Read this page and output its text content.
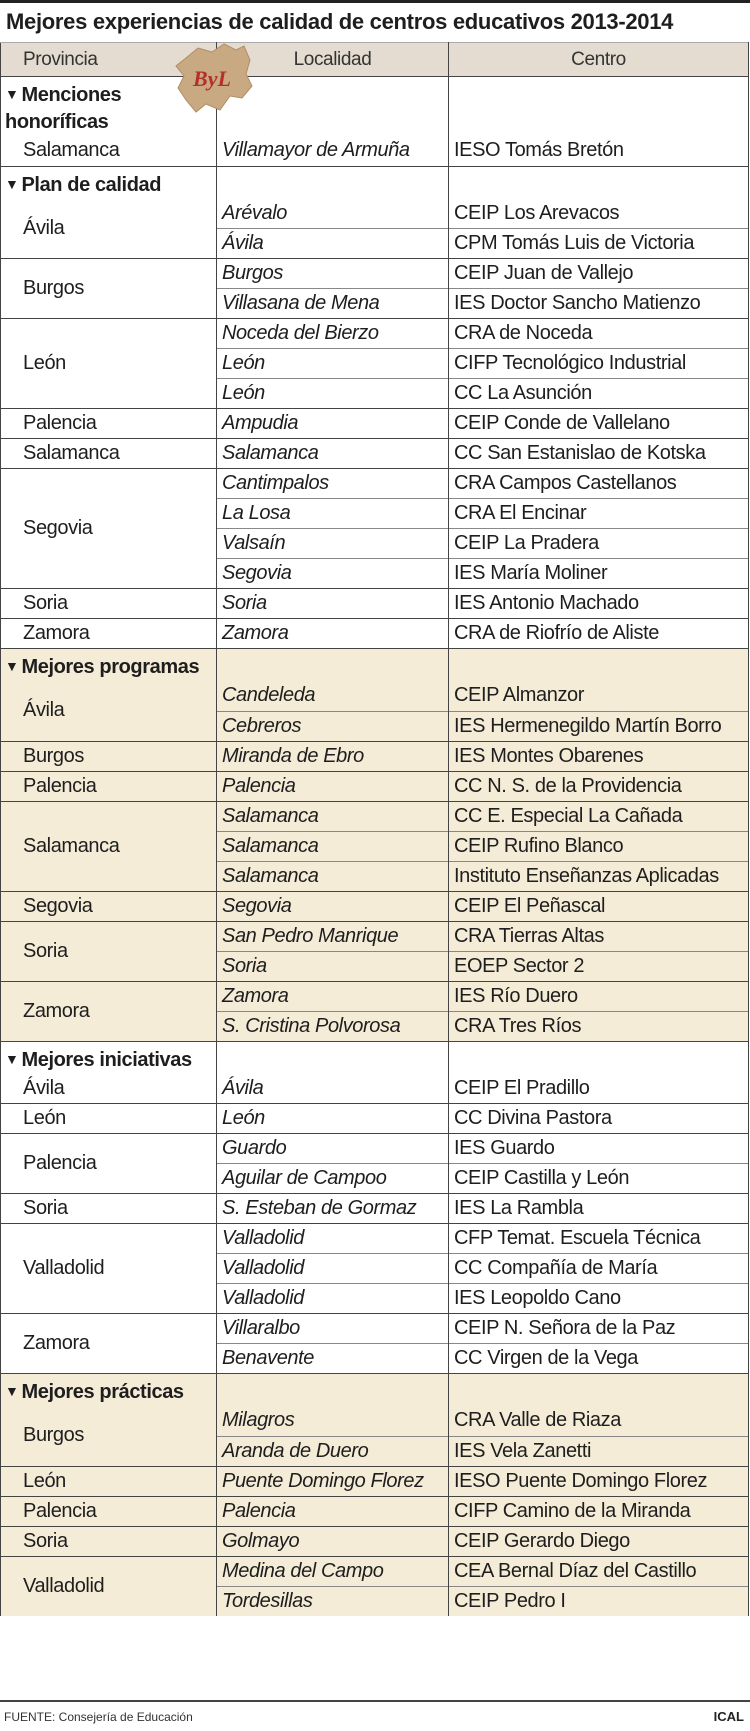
Mejores experiencias de calidad de centros educativos 2013-2014
Provincia	Localidad	Centro
▼ Menciones
honoríficas		
Salamanca	Villamayor de Armuña	IESO Tomás Bretón
▼ Plan de calidad		
Ávila	Arévalo	CEIP Los Arevacos
	Ávila	CPM Tomás Luis de Victoria
Burgos	Burgos	CEIP Juan de Vallejo
	Villasana de Mena	IES Doctor Sancho Matienzo
León	Noceda del Bierzo	CRA de Noceda
	León	CIFP Tecnológico Industrial
	León	CC La Asunción
Palencia	Ampudia	CEIP Conde de Vallelano
Salamanca	Salamanca	CC San Estanislao de Kotska
Segovia	Cantimpalos	CRA Campos Castellanos
	La Losa	CRA El Encinar
	Valsaín	CEIP La Pradera
	Segovia	IES María Moliner
Soria	Soria	IES Antonio Machado
Zamora	Zamora	CRA de Riofrío de Aliste
▼ Mejores programas		
Ávila	Candeleda	CEIP Almanzor
	Cebreros	IES Hermenegildo Martín Borro
Burgos	Miranda de Ebro	IES Montes Obarenes
Palencia	Palencia	CC N. S. de la Providencia
Salamanca	Salamanca	CC E. Especial La Cañada
	Salamanca	CEIP Rufino Blanco
	Salamanca	Instituto Enseñanzas Aplicadas
Segovia	Segovia	CEIP El Peñascal
Soria	San Pedro Manrique	CRA Tierras Altas
	Soria	EOEP Sector 2
Zamora	Zamora	IES Río Duero
	S. Cristina Polvorosa	CRA Tres Ríos
▼ Mejores iniciativas		
Ávila	Ávila	CEIP El Pradillo
León	León	CC Divina Pastora
Palencia	Guardo	IES Guardo
	Aguilar de Campoo	CEIP Castilla y León
Soria	S. Esteban de Gormaz	IES La Rambla
Valladolid	Valladolid	CFP Temat. Escuela Técnica
	Valladolid	CC Compañía de María
	Valladolid	IES Leopoldo Cano
Zamora	Villaralbo	CEIP N. Señora de la Paz
	Benavente	CC Virgen de la Vega
▼ Mejores prácticas		
Burgos	Milagros	CRA Valle de Riaza
	Aranda de Duero	IES Vela Zanetti
León	Puente Domingo Florez	IESO Puente Domingo Florez
Palencia	Palencia	CIFP Camino de la Miranda
Soria	Golmayo	CEIP Gerardo Diego
Valladolid	Medina del Campo	CEA Bernal Díaz del Castillo
	Tordesillas	CEIP Pedro I
ByL
FUENTE: Consejería de Educación	ICAL
